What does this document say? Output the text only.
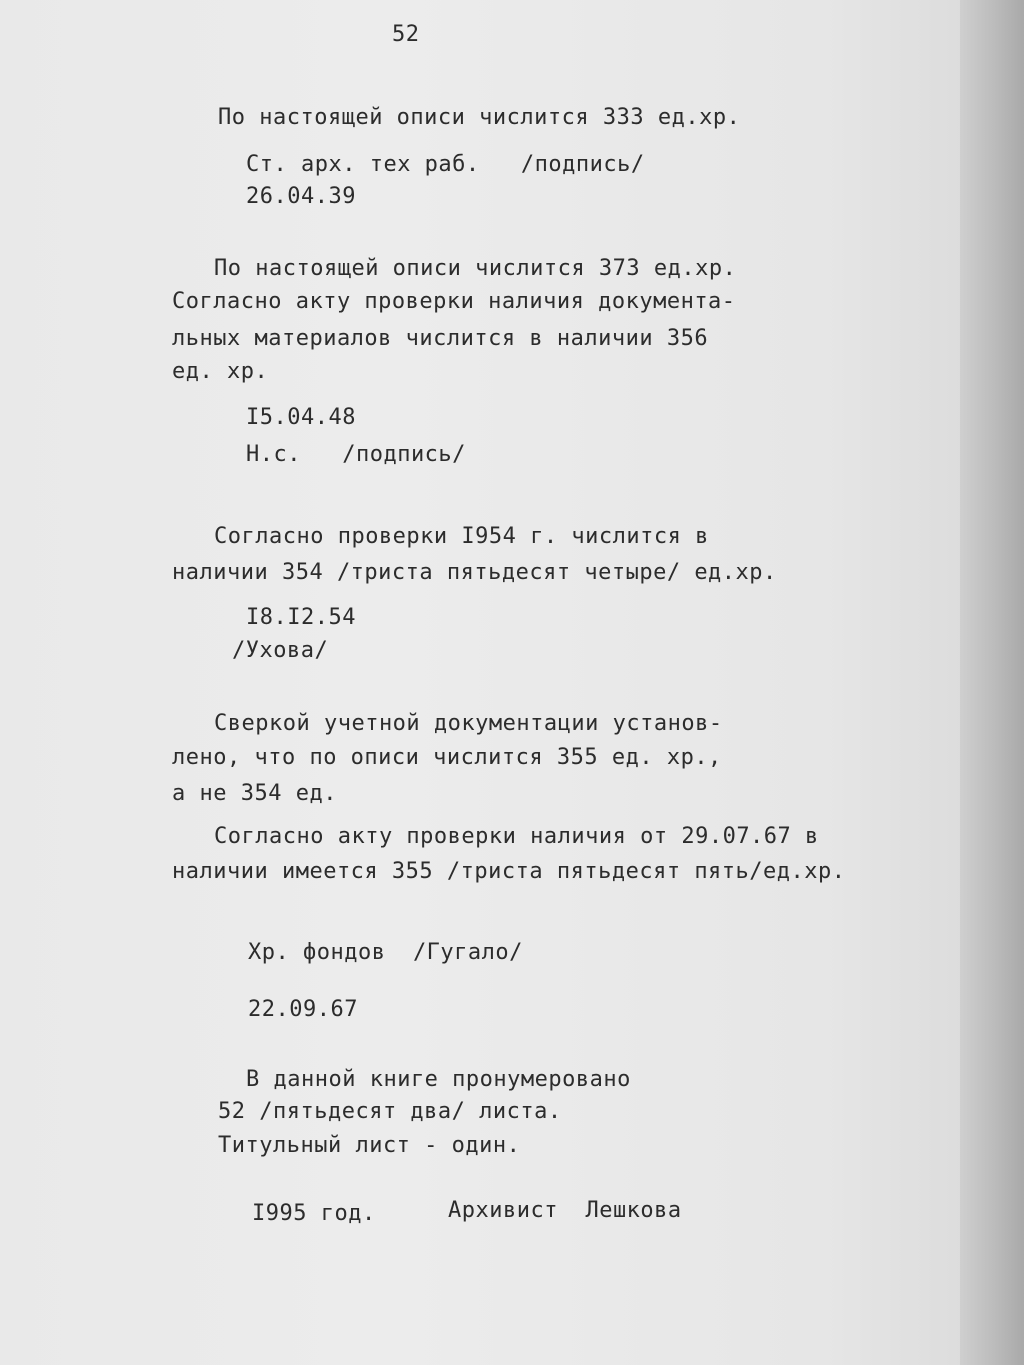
52

По настоящей описи числится 333 ед.хр.

Ст. арх. тех раб.   /подпись/

26.04.39

По настоящей описи числится 373 ед.хр.

Согласно акту проверки наличия документа-

льных материалов числится в наличии 356

ед. хр.

I5.04.48

Н.с.   /подпись/

Согласно проверки I954 г. числится в

наличии 354 /триста пятьдесят четыре/ ед.хр.

I8.I2.54

/Ухова/

Сверкой учетной документации установ-

лено, что по описи числится 355 ед. хр.,

а не 354 ед.

Согласно акту проверки наличия от 29.07.67 в

наличии имеется 355 /триста пятьдесят пять/ед.хр.

Хр. фондов  /Гугало/

22.09.67

В данной книге пронумеровано

52 /пятьдесят два/ листа.

Титульный лист - один.

I995 год.	Архивист  Лешкова
